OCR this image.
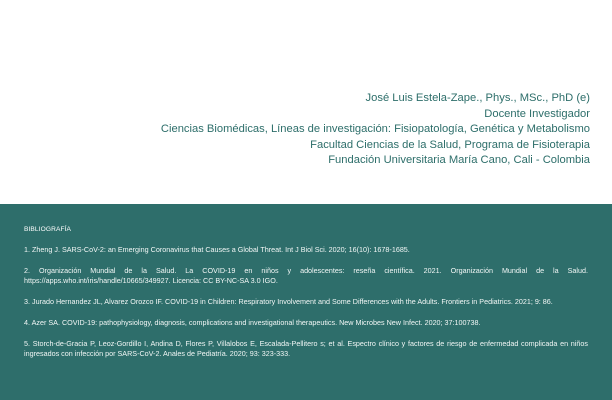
José Luis Estela-Zape., Phys., MSc., PhD (e)
Docente Investigador
Ciencias Biomédicas, Líneas de investigación: Fisiopatología, Genética y Metabolismo
Facultad Ciencias de la Salud, Programa de Fisioterapia
Fundación Universitaria María Cano, Cali - Colombia
BIBLIOGRAFÍA
1. Zheng J. SARS-CoV-2: an Emerging Coronavirus that Causes a Global Threat. Int J Biol Sci. 2020; 16(10): 1678-1685.
2. Organización Mundial de la Salud. La COVID-19 en niños y adolescentes: reseña científica. 2021. Organización Mundial de la Salud. https://apps.who.int/iris/handle/10665/349927. Licencia: CC BY-NC-SA 3.0 IGO.
3. Jurado Hernandez JL, Alvarez Orozco IF. COVID-19 in Children: Respiratory Involvement and Some Differences with the Adults. Frontiers in Pediatrics. 2021; 9: 86.
4. Azer SA. COVID-19: pathophysiology, diagnosis, complications and investigational therapeutics. New Microbes New Infect. 2020; 37:100738.
5. Storch-de-Gracia P, Leoz-Gordillo I, Andina D, Flores P, Villalobos E, Escalada-Pellitero s; et al. Espectro clínico y factores de riesgo de enfermedad complicada en niños ingresados con infección por SARS-CoV-2. Anales de Pediatría. 2020; 93: 323-333.
